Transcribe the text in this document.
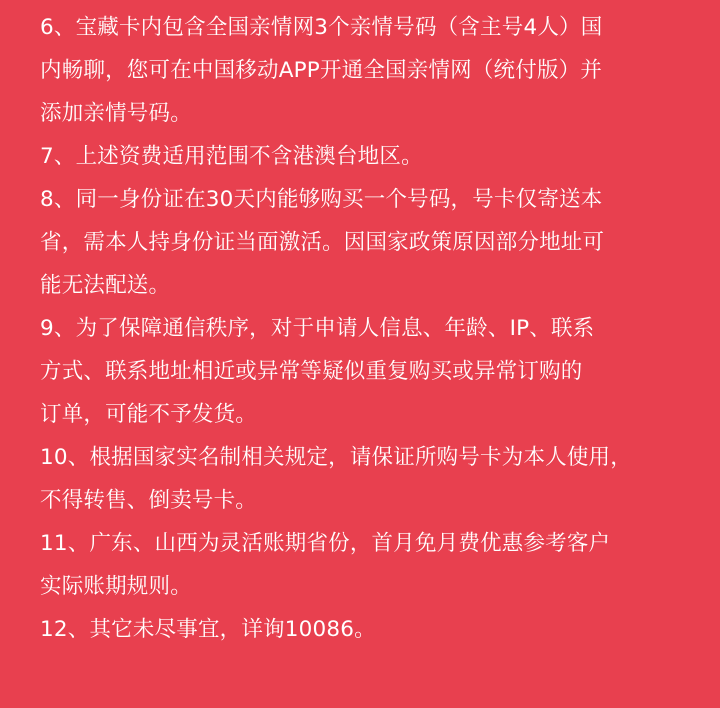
6、宝藏卡内包含全国亲情网3个亲情号码（含主号4人）国
内畅聊，您可在中国移动APP开通全国亲情网（统付版）并
添加亲情号码。
7、上述资费适用范围不含港澳台地区。
8、同一身份证在30天内能够购买一个号码，号卡仅寄送本
省，需本人持身份证当面激活。因国家政策原因部分地址可
能无法配送。
9、为了保障通信秩序，对于申请人信息、年龄、IP、联系
方式、联系地址相近或异常等疑似重复购买或异常订购的
订单，可能不予发货。
10、根据国家实名制相关规定，请保证所购号卡为本人使用，
不得转售、倒卖号卡。
11、广东、山西为灵活账期省份，首月免月费优惠参考客户
实际账期规则。
12、其它未尽事宜，详询10086。
